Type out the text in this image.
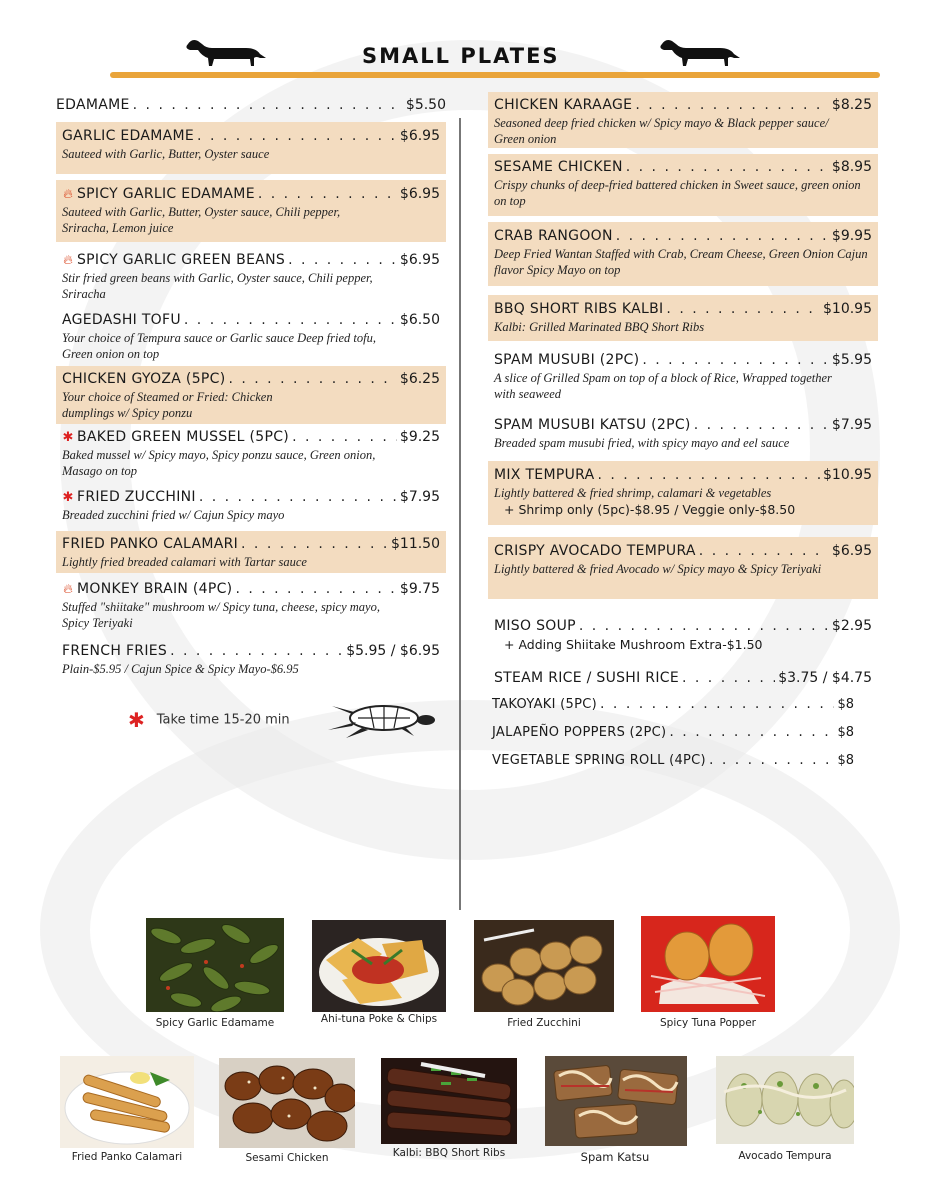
SMALL PLATES
EDAMAME . . .	$5.50
GARLIC EDAMAME . . .	$6.95
Sauteed with Garlic, Butter, Oyster sauce
🔥︎ SPICY GARLIC EDAMAME . . .	$6.95
Sauteed with Garlic, Butter, Oyster sauce, Chili pepper, Sriracha, Lemon juice
🔥︎ SPICY GARLIC GREEN BEANS . . .	$6.95
Stir fried green beans with Garlic, Oyster sauce, Chili pepper, Sriracha
AGEDASHI TOFU . . .	$6.50
Your choice of Tempura sauce or Garlic sauce Deep fried tofu, Green onion on top
CHICKEN GYOZA (5PC) . . .	$6.25
Your choice of Steamed or Fried: Chicken dumplings w/ Spicy ponzu
✱ BAKED GREEN MUSSEL (5PC) . . .	$9.25
Baked mussel w/ Spicy mayo, Spicy ponzu sauce, Green onion, Masago on top
✱ FRIED ZUCCHINI . . .	$7.95
Breaded zucchini fried w/ Cajun Spicy mayo
FRIED PANKO CALAMARI . . .	$11.50
Lightly fried breaded calamari with Tartar sauce
🔥︎ MONKEY BRAIN (4PC) . . .	$9.75
Stuffed "shiitake" mushroom w/ Spicy tuna, cheese, spicy mayo, Spicy Teriyaki
FRENCH FRIES . . .	$5.95 / $6.95
Plain-$5.95 / Cajun Spice & Spicy Mayo-$6.95
✱ Take time 15-20 min
CHICKEN KARAAGE . . .	$8.25
Seasoned deep fried chicken w/ Spicy mayo & Black pepper sauce/ Green onion
SESAME CHICKEN . . .	$8.95
Crispy chunks of deep-fried battered chicken in Sweet sauce, green onion on top
CRAB RANGOON . . .	$9.95
Deep Fried Wantan Staffed with Crab, Cream Cheese, Green Onion Cajun flavor Spicy Mayo on top
BBQ SHORT RIBS KALBI . . .	$10.95
Kalbi: Grilled Marinated BBQ Short Ribs
SPAM MUSUBI (2PC) . . .	$5.95
A slice of Grilled Spam on top of a block of Rice, Wrapped together with seaweed
SPAM MUSUBI KATSU (2PC) . . .	$7.95
Breaded spam musubi fried, with spicy mayo and eel sauce
MIX TEMPURA . . .	$10.95
Lightly battered & fried shrimp, calamari & vegetables
+ Shrimp only (5pc)-$8.95 / Veggie only-$8.50
CRISPY AVOCADO TEMPURA . . .	$6.95
Lightly battered & fried Avocado w/ Spicy mayo & Spicy Teriyaki
MISO SOUP . . .	$2.95
+ Adding Shiitake Mushroom Extra-$1.50
STEAM RICE / SUSHI RICE . . .	$3.75 / $4.75
TAKOYAKI (5PC) . . .	$8
JALAPEÑO POPPERS (2PC) . . .	$8
VEGETABLE SPRING ROLL (4PC) . . .	$8
Spicy Garlic Edamame	Ahi-tuna Poke & Chips	Fried Zucchini	Spicy Tuna Popper
Fried Panko Calamari	Sesami Chicken	Kalbi: BBQ Short Ribs	Spam Katsu	Avocado Tempura
